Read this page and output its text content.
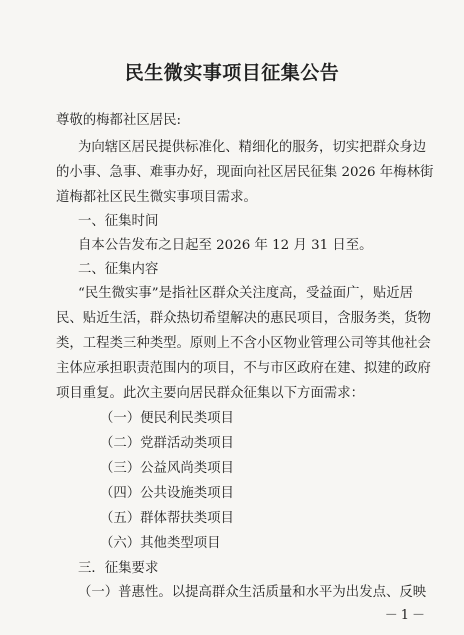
民生微实事项目征集公告
尊敬的梅都社区居民:
为向辖区居民提供标准化、精细化的服务，切实把群众身边
的小事、急事、难事办好，现面向社区居民征集 2026 年梅林街
道梅都社区民生微实事项目需求。
一、征集时间
自本公告发布之日起至 2026 年 12 月 31 日至。
二、征集内容
“民生微实事”是指社区群众关注度高，受益面广，贴近居
民、贴近生活，群众热切希望解决的惠民项目，含服务类，货物
类，工程类三种类型。原则上不含小区物业管理公司等其他社会
主体应承担职责范围内的项目，不与市区政府在建、拟建的政府
项目重复。此次主要向居民群众征集以下方面需求：
（一）便民利民类项目
（二）党群活动类项目
（三）公益风尚类项目
（四）公共设施类项目
（五）群体帮扶类项目
（六）其他类型项目
三．征集要求
（一）普惠性。以提高群众生活质量和水平为出发点、反映
－1－
